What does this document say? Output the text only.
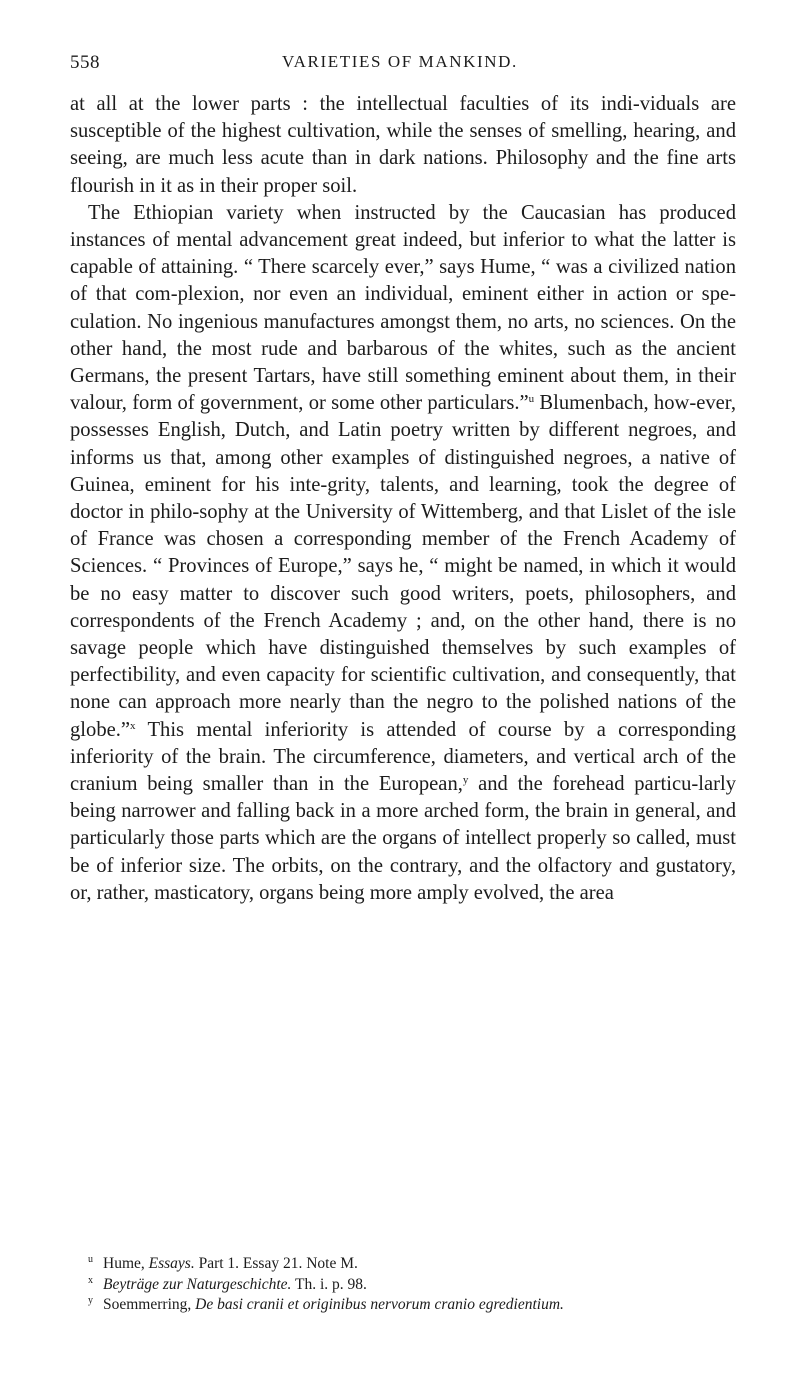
558	VARIETIES OF MANKIND.

at all at the lower parts : the intellectual faculties of its indi-viduals are susceptible of the highest cultivation, while the senses of smelling, hearing, and seeing, are much less acute than in dark nations. Philosophy and the fine arts flourish in it as in their proper soil.

The Ethiopian variety when instructed by the Caucasian has produced instances of mental advancement great indeed, but inferior to what the latter is capable of attaining. “ There scarcely ever,” says Hume, “ was a civilized nation of that com-plexion, nor even an individual, eminent either in action or spe-culation. No ingenious manufactures amongst them, no arts, no sciences. On the other hand, the most rude and barbarous of the whites, such as the ancient Germans, the present Tartars, have still something eminent about them, in their valour, form of government, or some other particulars.”$^u$ Blumenbach, how-ever, possesses English, Dutch, and Latin poetry written by different negroes, and informs us that, among other examples of distinguished negroes, a native of Guinea, eminent for his inte-grity, talents, and learning, took the degree of doctor in philo-sophy at the University of Wittemberg, and that Lislet of the isle of France was chosen a corresponding member of the French Academy of Sciences. “ Provinces of Europe,” says he, “ might be named, in which it would be no easy matter to discover such good writers, poets, philosophers, and correspondents of the French Academy ; and, on the other hand, there is no savage people which have distinguished themselves by such examples of perfectibility, and even capacity for scientific cultivation, and consequently, that none can approach more nearly than the negro to the polished nations of the globe.”$^x$ This mental inferiority is attended of course by a corresponding inferiority of the brain. The circumference, diameters, and vertical arch of the cranium being smaller than in the European,$^y$ and the forehead particu-larly being narrower and falling back in a more arched form, the brain in general, and particularly those parts which are the organs of intellect properly so called, must be of inferior size. The orbits, on the contrary, and the olfactory and gustatory, or, rather, masticatory, organs being more amply evolved, the area

u Hume, Essays. Part 1. Essay 21. Note M.
x Beyträge zur Naturgeschichte. Th. i. p. 98.
y Soemmerring, De basi cranii et originibus nervorum cranio egredientium.
